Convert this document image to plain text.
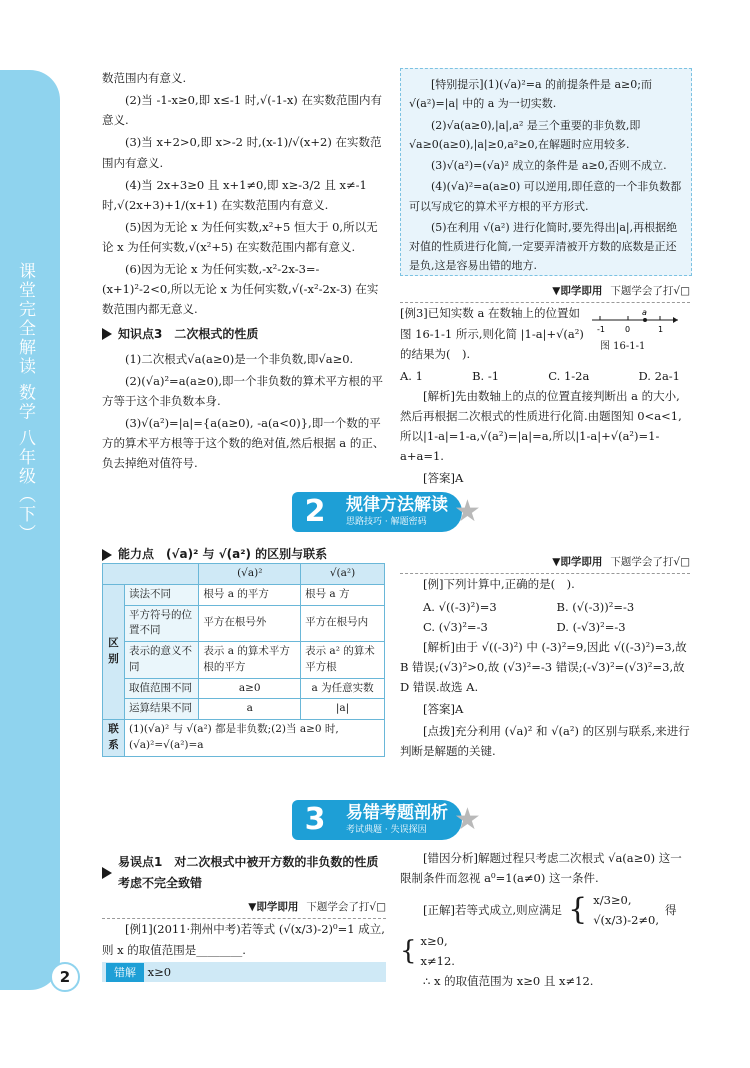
课堂完全解读 数学 八年级（下）
2

数范围内有意义.

(2)当 -1-x≥0,即 x≤-1 时,√(-1-x) 在实数范围内有意义.

(3)当 x+2>0,即 x>-2 时,(x-1)/√(x+2) 在实数范围内有意义.

(4)当 2x+3≥0 且 x+1≠0,即 x≥-3/2 且 x≠-1 时,√(2x+3)+1/(x+1) 在实数范围内有意义.

(5)因为无论 x 为任何实数,x²+5 恒大于 0,所以无论 x 为任何实数,√(x²+5) 在实数范围内都有意义.

(6)因为无论 x 为任何实数,-x²-2x-3=-(x+1)²-2<0,所以无论 x 为任何实数,√(-x²-2x-3) 在实数范围内都无意义.

知识点3　二次根式的性质

(1)二次根式√a(a≥0)是一个非负数,即√a≥0.

(2)(√a)²=a(a≥0),即一个非负数的算术平方根的平方等于这个非负数本身.

(3)√(a²)=|a|={a(a≥0), -a(a<0)},即一个数的平方的算术平方根等于这个数的绝对值,然后根据 a 的正、负去掉绝对值符号.

[特别提示](1)(√a)²=a 的前提条件是 a≥0;而 √(a²)=|a| 中的 a 为一切实数.

(2)√a(a≥0),|a|,a² 是三个重要的非负数,即 √a≥0(a≥0),|a|≥0,a²≥0,在解题时应用较多.

(3)√(a²)=(√a)² 成立的条件是 a≥0,否则不成立.

(4)(√a)²=a(a≥0) 可以逆用,即任意的一个非负数都可以写成它的算术平方根的平方形式.

(5)在利用 √(a²) 进行化简时,要先得出|a|,再根据绝对值的性质进行化简,一定要弄清被开方数的底数是正还是负,这是容易出错的地方.

▼即学即用 下题学会了打√□

[例3]已知实数 a 在数轴上的位置如图 16-1-1 所示,则化简 |1-a|+√(a²) 的结果为(　).

A. 1	B. -1	C. 1-2a	D. 2a-1

[解析]先由数轴上的点的位置直接判断出 a 的大小,然后再根据二次根式的性质进行化简.由题图知 0<a<1,所以|1-a|=1-a,√(a²)=|a|=a,所以|1-a|+√(a²)=1-a+a=1.

[答案]A

-1	0
a
1
图 16-1-1
2	规律方法解读
思路技巧 · 解题密码 ★
能力点　(√a)² 与 √(a²) 的区别与联系
		(√a)²	√(a²)
区别	读法不同	根号 a 的平方	根号 a 方
	平方符号的位置不同	平方在根号外	平方在根号内
	表示的意义不同	表示 a 的算术平方根的平方	表示 a² 的算术平方根
	取值范围不同	a≥0	a 为任意实数
	运算结果不同	a	|a|
联系	(1)(√a)² 与 √(a²) 都是非负数;(2)当 a≥0 时,(√a)²=√(a²)=a		
▼即学即用 下题学会了打√□

[例]下列计算中,正确的是(　).

A. √((-3)²)=3	B. (√(-3))²=-3
C. (√3)²=-3	D. (-√3)²=-3

[解析]由于 √((-3)²) 中 (-3)²=9,因此 √((-3)²)=3,故 B 错误;(√3)²>0,故 (√3)²=-3 错误;(-√3)²=(√3)²=3,故 D 错误.故选 A.

[答案]A

[点拨]充分利用 (√a)² 和 √(a²) 的区别与联系,来进行判断是解题的关键.

3	易错考题剖析
考试典题 · 失误探因 ★
易误点1　对二次根式中被开方数的非负数的性质考虑不完全致错
▼即学即用 下题学会了打√□

[例1](2011·荆州中考)若等式 (√(x/3)-2)⁰=1 成立,则 x 的取值范围是________.

错解 x≥0

[错因分析]解题过程只考虑二次根式 √a(a≥0) 这一限制条件而忽视 a⁰=1(a≠0) 这一条件.

[正解]若等式成立,则应满足 { x/3≥0,
√(x/3)-2≠0,
得
{ x≥0,
x≠12.

∴ x 的取值范围为 x≥0 且 x≠12.
